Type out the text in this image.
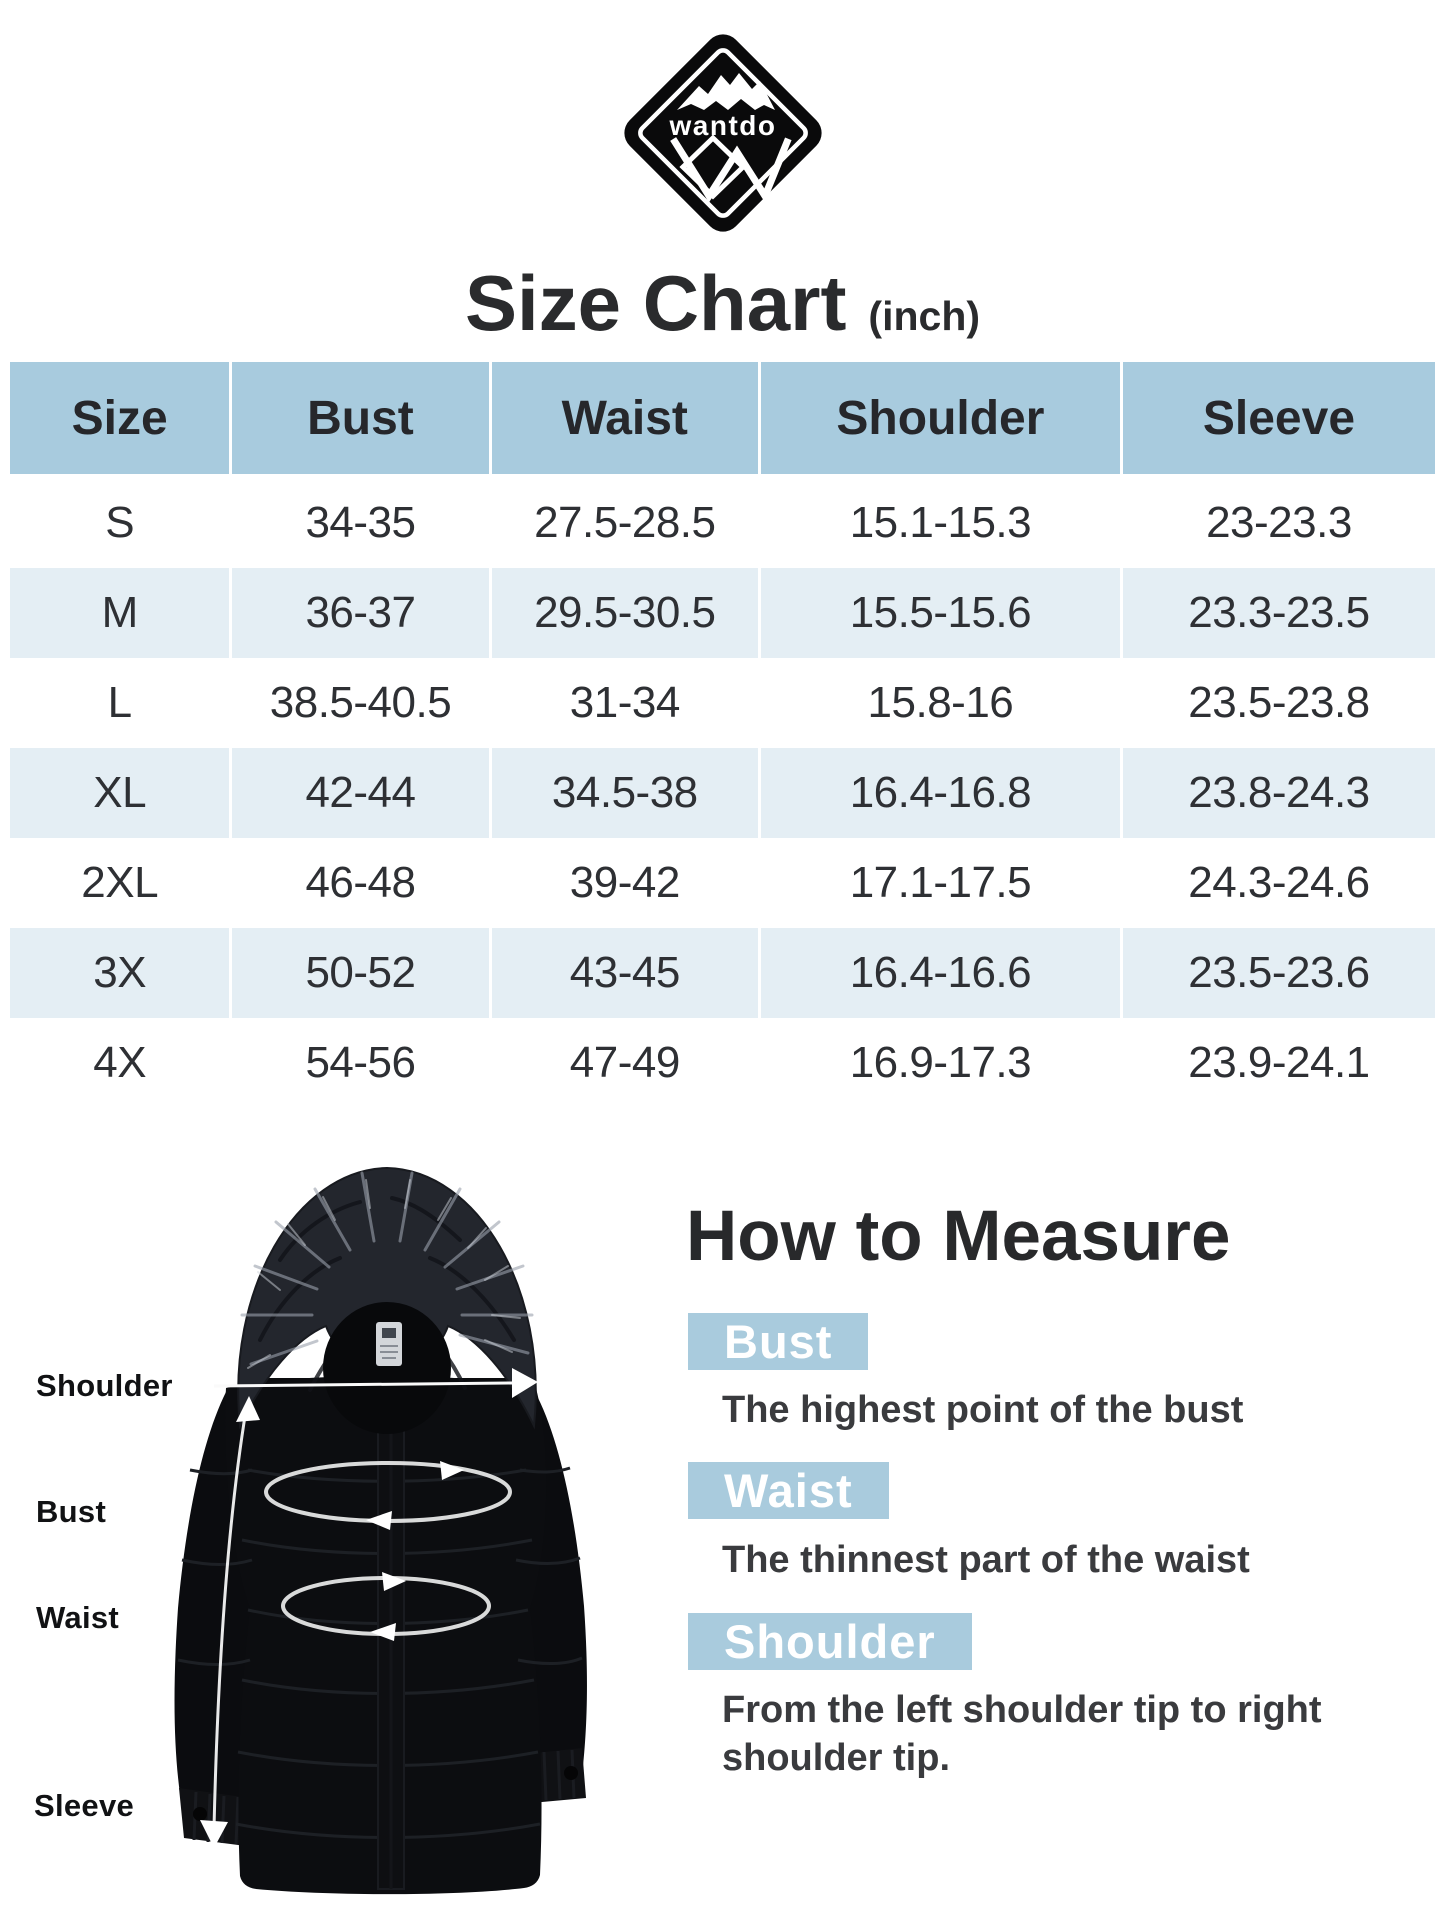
wantdo
Size Chart (inch)
Size	Bust	Waist	Shoulder	Sleeve
S	34-35	27.5-28.5	15.1-15.3	23-23.3
M	36-37	29.5-30.5	15.5-15.6	23.3-23.5
L	38.5-40.5	31-34	15.8-16	23.5-23.8
XL	42-44	34.5-38	16.4-16.8	23.8-24.3
2XL	46-48	39-42	17.1-17.5	24.3-24.6
3X	50-52	43-45	16.4-16.6	23.5-23.6
4X	54-56	47-49	16.9-17.3	23.9-24.1
Shoulder
Bust
Waist
Sleeve
How to Measure
Bust
The highest point of the bust
Waist
The thinnest part of the waist
Shoulder
From the left shoulder tip to right shoulder tip.
